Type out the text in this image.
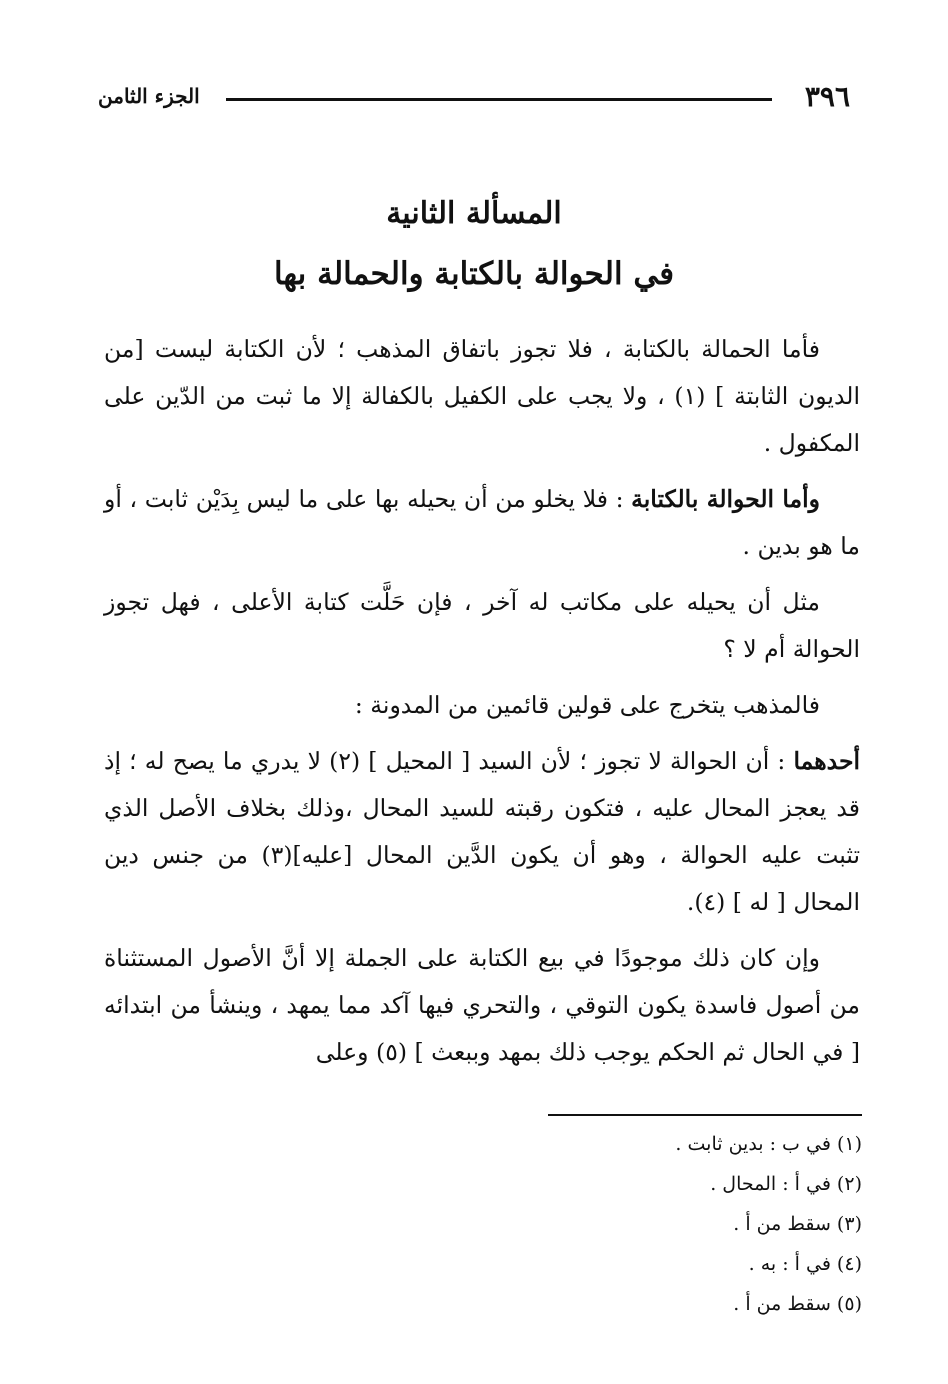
٣٩٦
الجزء الثامن
المسألة الثانية
في الحوالة بالكتابة والحمالة بها

فأما الحمالة بالكتابة ، فلا تجوز باتفاق المذهب ؛ لأن الكتابة ليست [من الديون الثابتة ] (١) ، ولا يجب على الكفيل بالكفالة إلا ما ثبت من الدّين على المكفول .

وأما الحوالة بالكتابة : فلا يخلو من أن يحيله بها على ما ليس بِدَيْن ثابت ، أو ما هو بدين .

مثل أن يحيله على مكاتب له آخر ، فإن حَلَّت كتابة الأعلى ، فهل تجوز الحوالة أم لا ؟

فالمذهب يتخرج على قولين قائمين من المدونة :

أحدهما : أن الحوالة لا تجوز ؛ لأن السيد [ المحيل ] (٢) لا يدري ما يصح له ؛ إذ قد يعجز المحال عليه ، فتكون رقبته للسيد المحال ،وذلك بخلاف الأصل الذي تثبت عليه الحوالة ، وهو أن يكون الدَّين المحال [عليه](٣) من جنس دين المحال [ له ] (٤).

وإن كان ذلك موجودًا في بيع الكتابة على الجملة إلا أنَّ الأصول المستثناة من أصول فاسدة يكون التوقي ، والتحري فيها آكد مما يمهد ، وينشأ من ابتدائه [ في الحال ثم الحكم يوجب ذلك بمهد وببعث ] (٥) وعلى

(١) في ب : بدين ثابت .
(٢) في أ : المحال .
(٣) سقط من أ .
(٤) في أ : به .
(٥) سقط من أ .
